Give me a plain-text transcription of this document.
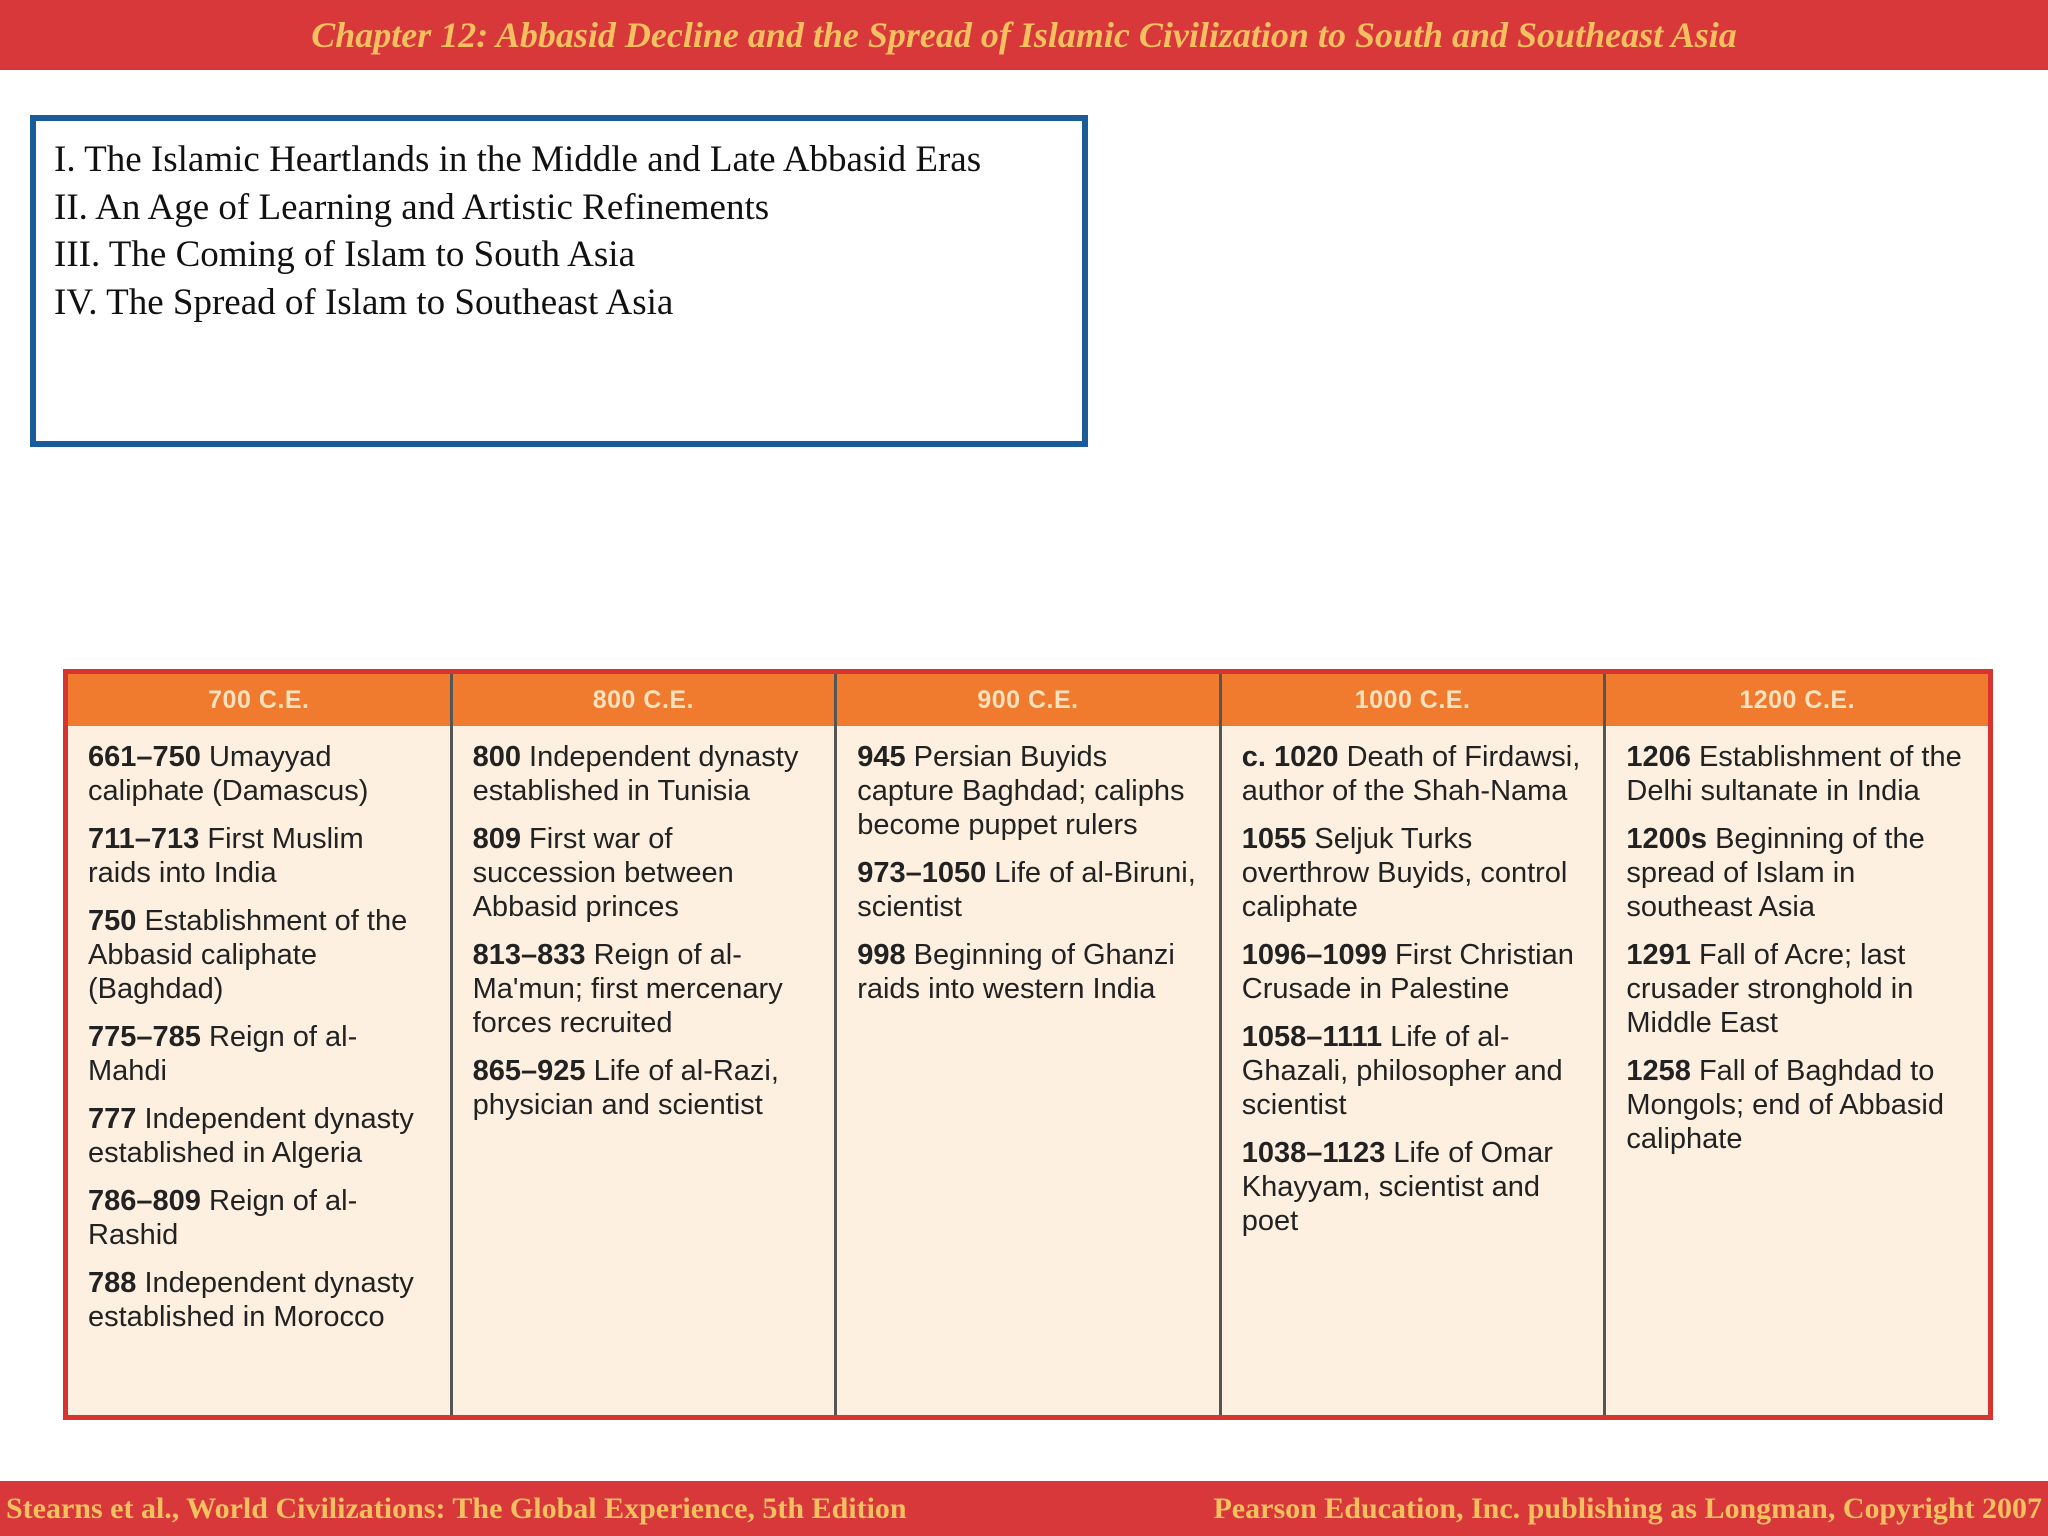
Chapter 12: Abbasid Decline and the Spread of Islamic Civilization to South and Southeast Asia
I. The Islamic Heartlands in the Middle and Late Abbasid Eras
II. An Age of Learning and Artistic Refinements
III. The Coming of Islam to South Asia
IV. The Spread of Islam to Southeast Asia
700 C.E.
661–750 Umayyad caliphate (Damascus)
711–713 First Muslim raids into India
750 Establishment of the Abbasid caliphate (Baghdad)
775–785 Reign of al-Mahdi
777 Independent dynasty established in Algeria
786–809 Reign of al-Rashid
788 Independent dynasty established in Morocco
800 C.E.
800 Independent dynasty established in Tunisia
809 First war of succession between Abbasid princes
813–833 Reign of al-Ma'mun; first mercenary forces recruited
865–925 Life of al-Razi, physician and scientist
900 C.E.
945 Persian Buyids capture Baghdad; caliphs become puppet rulers
973–1050 Life of al-Biruni, scientist
998 Beginning of Ghanzi raids into western India
1000 C.E.
c. 1020 Death of Firdawsi, author of the Shah-Nama
1055 Seljuk Turks overthrow Buyids, control caliphate
1096–1099 First Christian Crusade in Palestine
1058–1111 Life of al-Ghazali, philosopher and scientist
1038–1123 Life of Omar Khayyam, scientist and poet
1200 C.E.
1206 Establishment of the Delhi sultanate in India
1200s Beginning of the spread of Islam in southeast Asia
1291 Fall of Acre; last crusader stronghold in Middle East
1258 Fall of Baghdad to Mongols; end of Abbasid caliphate
Stearns et al., World Civilizations: The Global Experience, 5th Edition	Pearson Education, Inc. publishing as Longman, Copyright 2007
